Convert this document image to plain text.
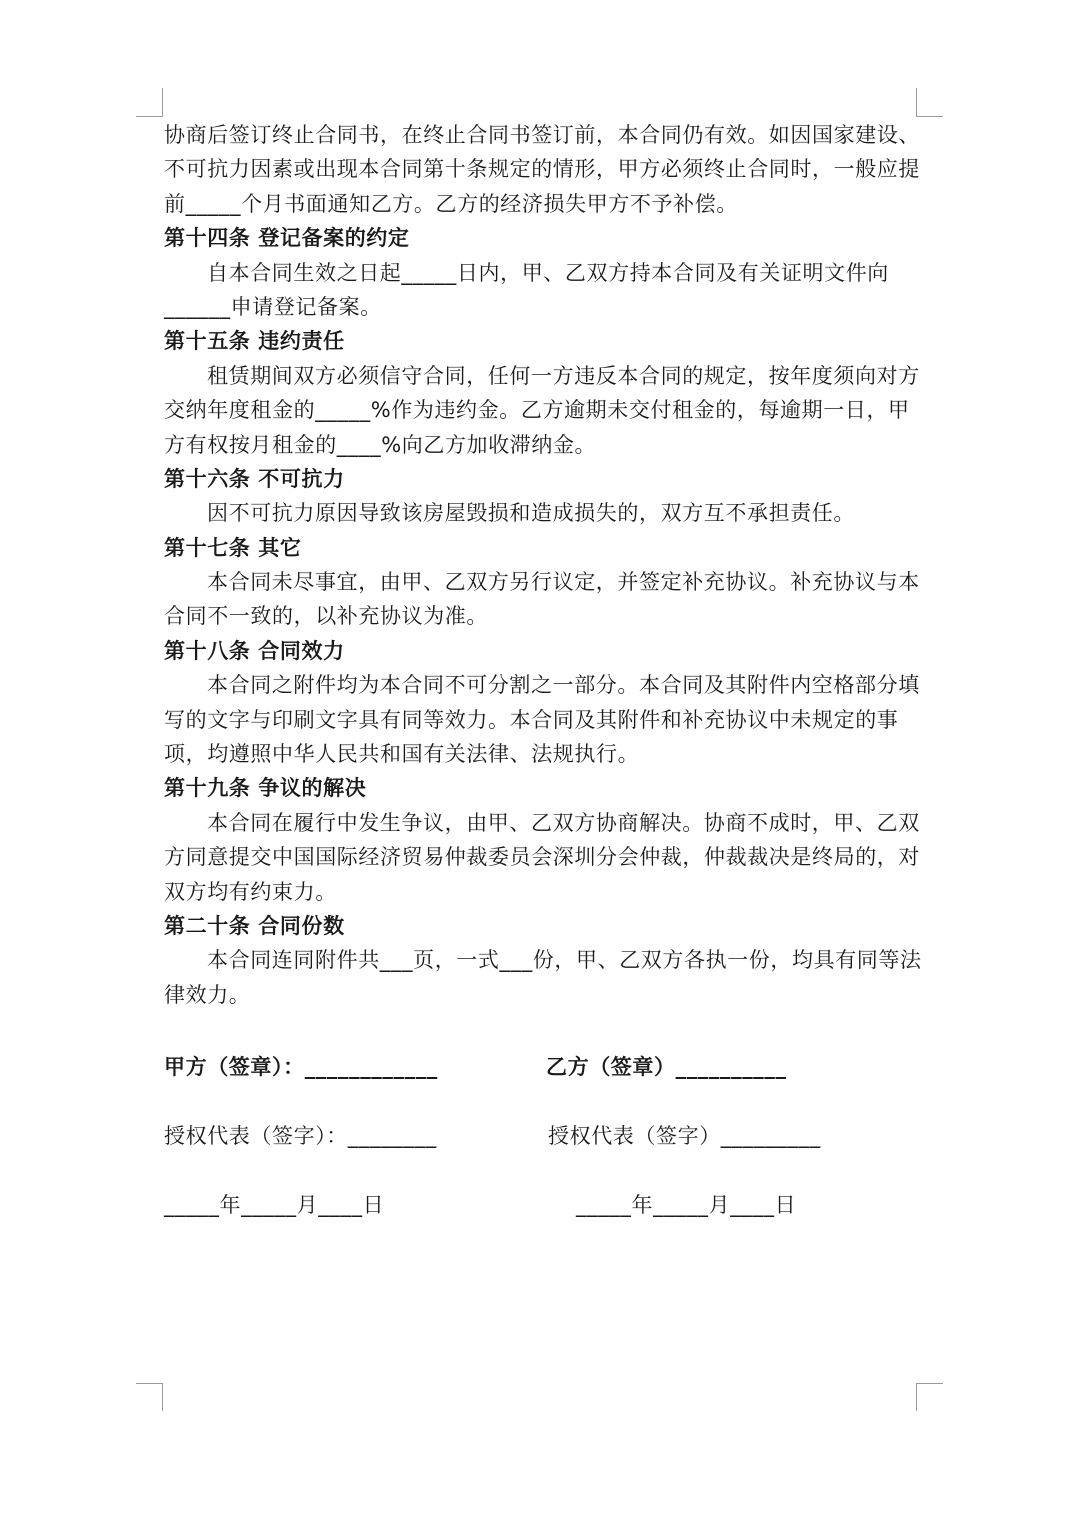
协商后签订终止合同书，在终止合同书签订前，本合同仍有效。如因国家建设、
不可抗力因素或出现本合同第十条规定的情形，甲方必须终止合同时，一般应提
前_____个月书面通知乙方。乙方的经济损失甲方不予补偿。
第十四条 登记备案的约定
自本合同生效之日起_____日内，甲、乙双方持本合同及有关证明文件向
______申请登记备案。
第十五条 违约责任
租赁期间双方必须信守合同，任何一方违反本合同的规定，按年度须向对方
交纳年度租金的_____%作为违约金。乙方逾期未交付租金的，每逾期一日，甲
方有权按月租金的____%向乙方加收滞纳金。
第十六条 不可抗力
因不可抗力原因导致该房屋毁损和造成损失的，双方互不承担责任。
第十七条 其它
本合同未尽事宜，由甲、乙双方另行议定，并签定补充协议。补充协议与本
合同不一致的，以补充协议为准。
第十八条 合同效力
本合同之附件均为本合同不可分割之一部分。本合同及其附件内空格部分填
写的文字与印刷文字具有同等效力。本合同及其附件和补充协议中未规定的事
项，均遵照中华人民共和国有关法律、法规执行。
第十九条 争议的解决
本合同在履行中发生争议，由甲、乙双方协商解决。协商不成时，甲、乙双
方同意提交中国国际经济贸易仲裁委员会深圳分会仲裁，仲裁裁决是终局的，对
双方均有约束力。
第二十条 合同份数
本合同连同附件共___页，一式___份，甲、乙双方各执一份，均具有同等法
律效力。
甲方（签章）：____________	乙方（签章）__________
授权代表（签字）：________	授权代表（签字）_________
_____年_____月____日	_____年_____月____日
